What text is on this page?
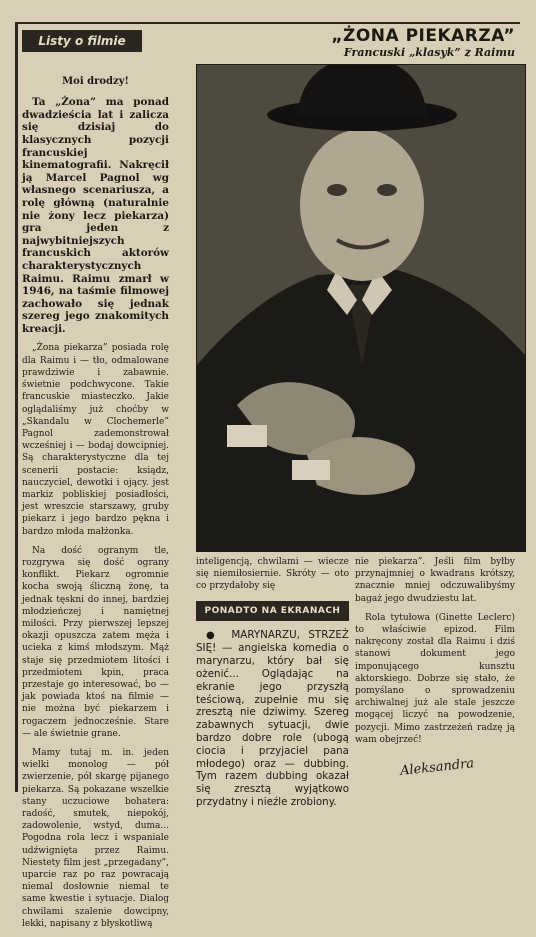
Listy o filmie	„ŻONA PIEKARZA”
Francuski „klasyk” z Raimu
Moi drodzy!

Ta „Żona” ma ponad dwadzieścia lat i zalicza się dzisiaj do klasycznych pozycji francuskiej kinematografii. Nakręcił ją Marcel Pagnol wg własnego scenariusza, a rolę główną (naturalnie nie żony lecz piekarza) gra jeden z najwybitniejszych francuskich aktorów charakterystycznych Raimu. Raimu zmarł w 1946, na taśmie filmowej zachowało się jednak szereg jego znakomitych kreacji.

„Żona piekarza” posiada rolę dla Raimu i — tło, odmalowane prawdziwie i zabawnie. świetnie podchwycone. Takie francuskie miasteczko. Jakie oglądaliśmy już choćby w „Skandalu w Clochemerle” Pagnol zademonstrował wcześniej i — bodaj dowcipniej. Są charakterystyczne dla tej scenerii postacie: ksiądz, nauczyciel, dewotki i ojący. jest markiz pobliskiej posiadłości, jest wreszcie starszawy, gruby piekarz i jego bardzo pękna i bardzo młoda małżonka.

Na dość ogranym tle, rozgrywa się dość ograny konflikt. Piekarz ogromnie kocha swoją śliczną żonę, ta jednak tęskni do innej, bardziej młodzieńczej i namiętnej miłości. Przy pierwszej lepszej okazji opuszcza zatem męża i ucieka z kimś młodszym. Mąż staje się przedmiotem litości i przedmiotem kpin, praca przestaje go interesować, bo — jak powiada ktoś na filmie — nie można być piekarzem i rogaczem jednocześnie. Stare — ale świetnie grane.

Mamy tutaj m. in. jeden wielki monolog — pół zwierzenie, pół skargę pijanego piekarza. Są pokazane wszelkie stany uczuciowe bohatera: radość, smutek, niepokój, zadowolenie, wstyd, duma... Pogodna rola lecz i wspaniale udźwignięta przez Raimu. Niestety film jest „przegadany”, uparcie raz po raz powracają niemal dosłownie niemal te same kwestie i sytuacje. Dialog chwilami szalenie dowcipny, lekki, napisany z błyskotliwą

inteligencją, chwilami — wiecze się niemiłosiernie. Skróty — oto co przydałoby się

PONADTO NA EKRANACH

● MARYNARZU, STRZEŻ SIĘ! — angielska komedia o marynarzu, który bał się ożenić... Oglądając na ekranie jego przyszłą teściową, zupełnie mu się zresztą nie dziwimy. Szereg zabawnych sytuacji, dwie bardzo dobre role (ubogą ciocia i przyjaciel pana młodego) oraz — dubbing. Tym razem dubbing okazał się zresztą wyjątkowo przydatny i nieźle zrobiony.

nie piekarza”. Jeśli film byłby przynajmniej o kwadrans krótszy, znacznie mniej odczuwalibyśmy bagaż jego dwudziestu lat.

Rola tytułowa (Ginette Leclerc) to właściwie epizod. Film nakręcony został dla Raimu i dziś stanowi dokument jego imponującego kunsztu aktorskiego. Dobrze się stało, że pomyślano o sprowadzeniu archiwalnej już ale stale jeszcze mogącej liczyć na powodzenie, pozycji. Mimo zastrzeżeń radzę ją wam obejrzeć!

Aleksandra
